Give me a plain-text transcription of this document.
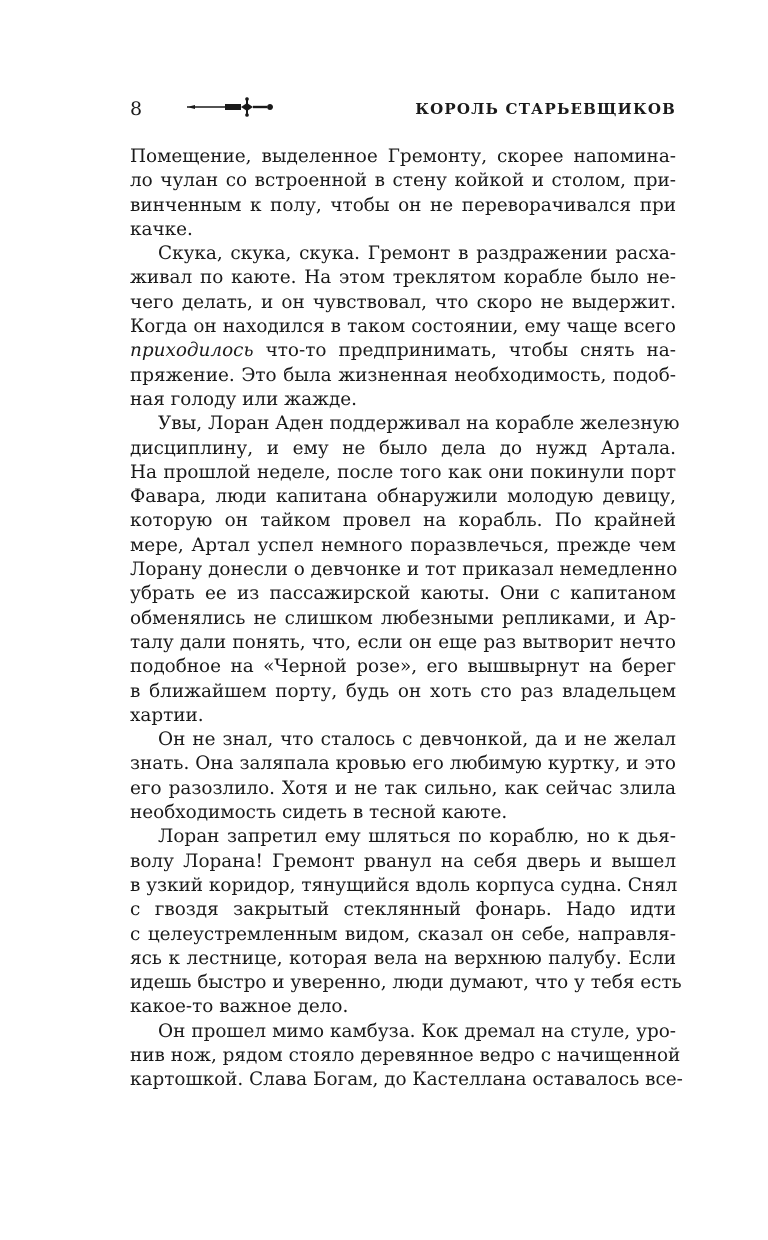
8	КОРОЛЬ СТАРЬЕВЩИКОВ
Помещение, выделенное Гремонту, скорее напомина-
ло чулан со встроенной в стену койкой и столом, при-
винченным к полу, чтобы он не переворачивался при
качке.
Скука, скука, скука. Гремонт в раздражении расха-
живал по каюте. На этом треклятом корабле было не-
чего делать, и он чувствовал, что скоро не выдержит.
Когда он находился в таком состоянии, ему чаще всего
приходилось что-то предпринимать, чтобы снять на-
пряжение. Это была жизненная необходимость, подоб-
ная голоду или жажде.
Увы, Лоран Аден поддерживал на корабле железную
дисциплину, и ему не было дела до нужд Артала.
На прошлой неделе, после того как они покинули порт
Фавара, люди капитана обнаружили молодую девицу,
которую он тайком провел на корабль. По крайней
мере, Артал успел немного поразвлечься, прежде чем
Лорану донесли о девчонке и тот приказал немедленно
убрать ее из пассажирской каюты. Они с капитаном
обменялись не слишком любезными репликами, и Ар-
талу дали понять, что, если он еще раз вытворит нечто
подобное на «Черной розе», его вышвырнут на берег
в ближайшем порту, будь он хоть сто раз владельцем
хартии.
Он не знал, что сталось с девчонкой, да и не желал
знать. Она заляпала кровью его любимую куртку, и это
его разозлило. Хотя и не так сильно, как сейчас злила
необходимость сидеть в тесной каюте.
Лоран запретил ему шляться по кораблю, но к дья-
волу Лорана! Гремонт рванул на себя дверь и вышел
в узкий коридор, тянущийся вдоль корпуса судна. Снял
с гвоздя закрытый стеклянный фонарь. Надо идти
с целеустремленным видом, сказал он себе, направля-
ясь к лестнице, которая вела на верхнюю палубу. Если
идешь быстро и уверенно, люди думают, что у тебя есть
какое-то важное дело.
Он прошел мимо камбуза. Кок дремал на стуле, уро-
нив нож, рядом стояло деревянное ведро с начищенной
картошкой. Слава Богам, до Кастеллана оставалось все-
